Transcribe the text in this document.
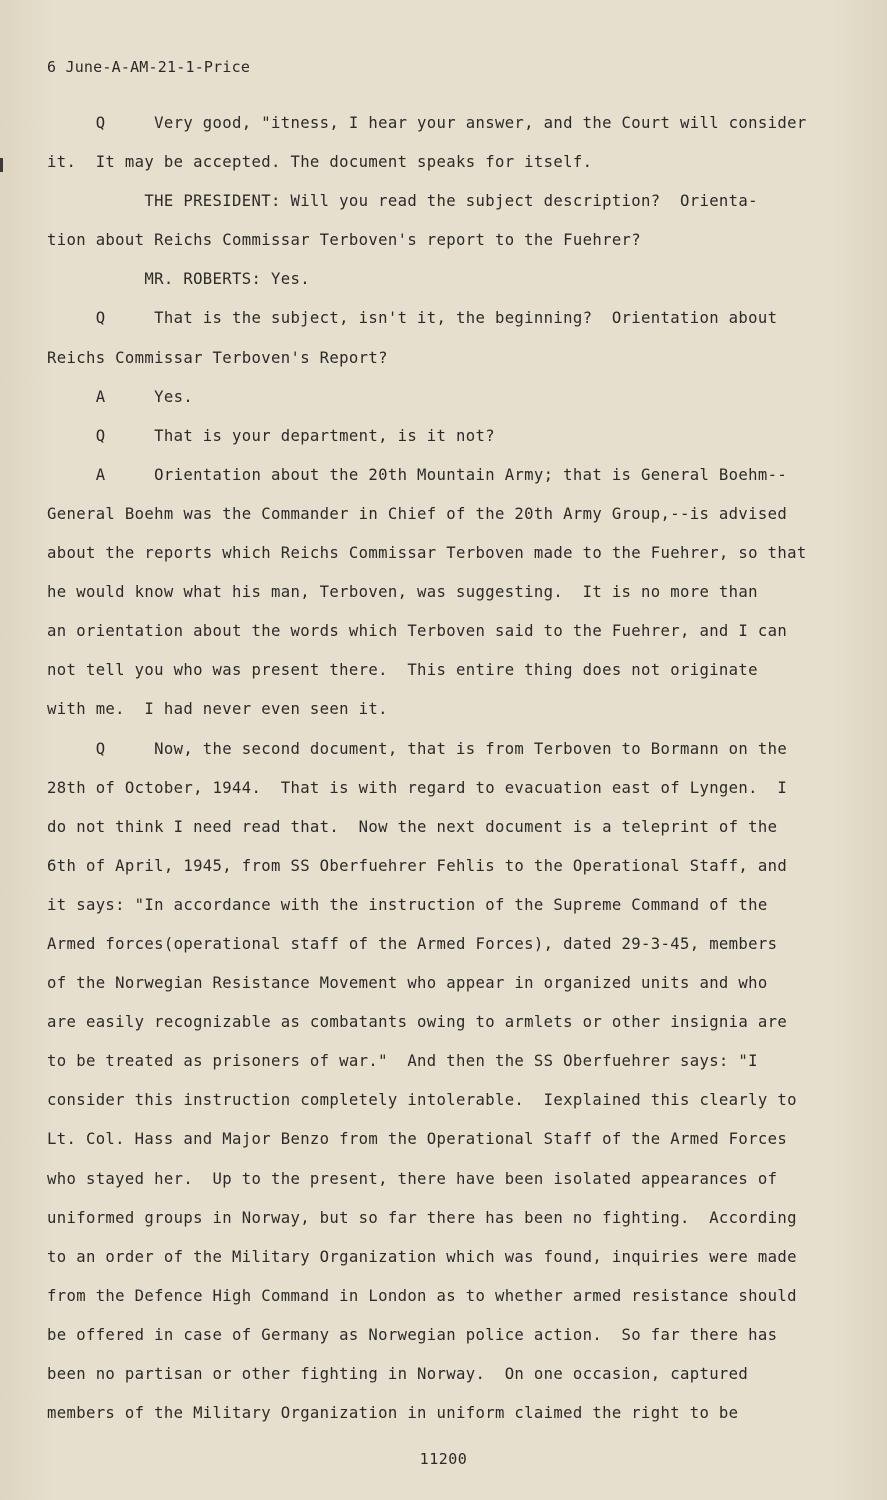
6 June-A-AM-21-1-Price
Q     Very good, "itness, I hear your answer, and the Court will consider
it.  It may be accepted. The document speaks for itself.
THE PRESIDENT: Will you read the subject description?  Orienta-
tion about Reichs Commissar Terboven's report to the Fuehrer?
MR. ROBERTS: Yes.
Q     That is the subject, isn't it, the beginning?  Orientation about
Reichs Commissar Terboven's Report?
A     Yes.
Q     That is your department, is it not?
A     Orientation about the 20th Mountain Army; that is General Boehm--
General Boehm was the Commander in Chief of the 20th Army Group,--is advised
about the reports which Reichs Commissar Terboven made to the Fuehrer, so that
he would know what his man, Terboven, was suggesting.  It is no more than
an orientation about the words which Terboven said to the Fuehrer, and I can
not tell you who was present there.  This entire thing does not originate
with me.  I had never even seen it.
Q     Now, the second document, that is from Terboven to Bormann on the
28th of October, 1944.  That is with regard to evacuation east of Lyngen.  I
do not think I need read that.  Now the next document is a teleprint of the
6th of April, 1945, from SS Oberfuehrer Fehlis to the Operational Staff, and
it says: "In accordance with the instruction of the Supreme Command of the
Armed forces(operational staff of the Armed Forces), dated 29-3-45, members
of the Norwegian Resistance Movement who appear in organized units and who
are easily recognizable as combatants owing to armlets or other insignia are
to be treated as prisoners of war."  And then the SS Oberfuehrer says: "I
consider this instruction completely intolerable.  Iexplained this clearly to
Lt. Col. Hass and Major Benzo from the Operational Staff of the Armed Forces
who stayed her.  Up to the present, there have been isolated appearances of
uniformed groups in Norway, but so far there has been no fighting.  According
to an order of the Military Organization which was found, inquiries were made
from the Defence High Command in London as to whether armed resistance should
be offered in case of Germany as Norwegian police action.  So far there has
been no partisan or other fighting in Norway.  On one occasion, captured
members of the Military Organization in uniform claimed the right to be
11200
